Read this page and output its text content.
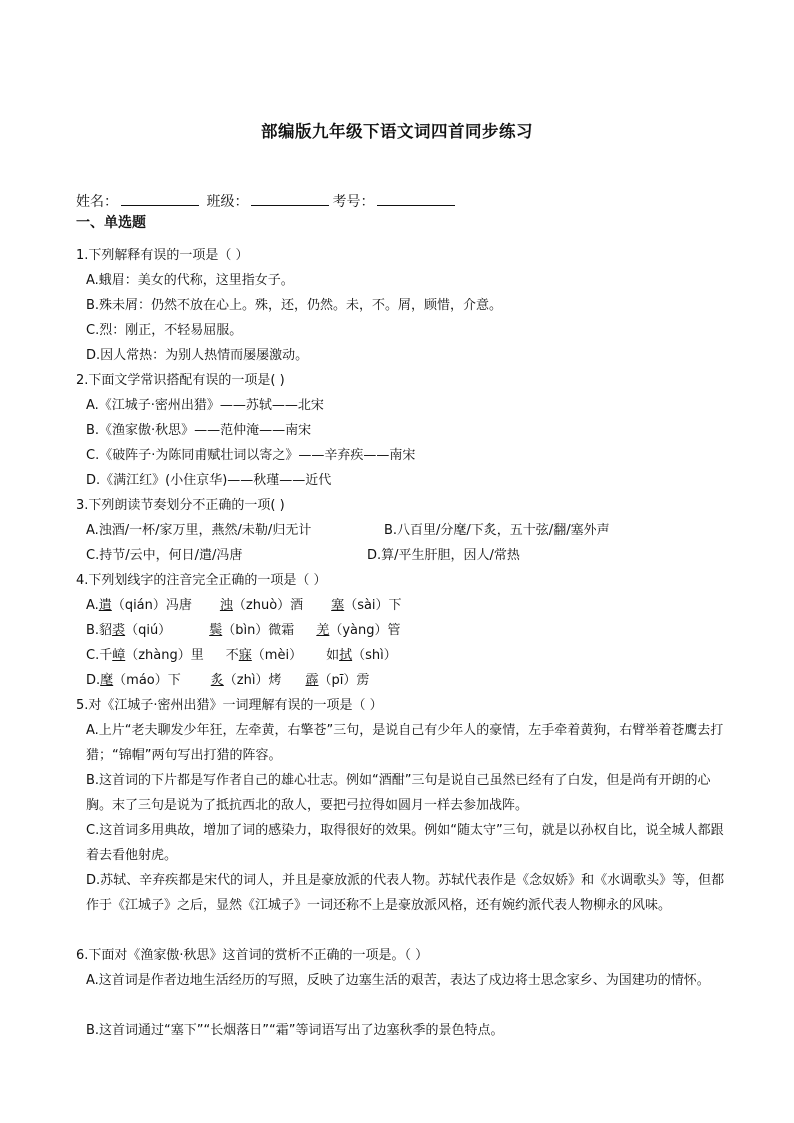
部编版九年级下语文词四首同步练习
姓名：	班级：	考号：
一、单选题
1.下列解释有误的一项是（ ）
A.蛾眉：美女的代称，这里指女子。
B.殊未屑：仍然不放在心上。殊，还，仍然。未，不。屑，顾惜，介意。
C.烈：刚正，不轻易屈服。
D.因人常热：为别人热情而屡屡激动。
2.下面文学常识搭配有误的一项是( )
A.《江城子·密州出猎》——苏轼——北宋
B.《渔家傲·秋思》——范仲淹——南宋
C.《破阵子·为陈同甫赋壮词以寄之》——辛弃疾——南宋
D.《满江红》(小住京华)——秋瑾——近代
3.下列朗读节奏划分不正确的一项( )
A.浊酒/一杯/家万里，燕然/未勒/归无计	B.八百里/分麾/下炙，五十弦/翻/塞外声
C.持节/云中，何日/遣/冯唐	D.算/平生肝胆，因人/常热
4.下列划线字的注音完全正确的一项是（ ）
A.遣（qián）冯唐 浊（zhuò）酒 塞（sài）下
B.貂裘（qiú）	鬓（bìn）微霜 羌（yàng）管
C.千嶂（zhàng）里 不寐（mèi） 如拭（shì）
D.麾（máo）下 炙（zhì）烤 霹（pī）雳
5.对《江城子·密州出猎》一词理解有误的一项是（ ）
A.上片“老夫聊发少年狂，左牵黄，右擎苍”三句，是说自己有少年人的豪情，左手牵着黄狗，右臂举着苍鹰去打猎；“锦帽”两句写出打猎的阵容。
B.这首词的下片都是写作者自己的雄心壮志。例如“酒酣”三句是说自己虽然已经有了白发，但是尚有开朗的心胸。末了三句是说为了抵抗西北的敌人，要把弓拉得如圆月一样去参加战阵。
C.这首词多用典故，增加了词的感染力，取得很好的效果。例如“随太守”三句，就是以孙权自比，说全城人都跟着去看他射虎。
D.苏轼、辛弃疾都是宋代的词人，并且是豪放派的代表人物。苏轼代表作是《念奴娇》和《水调歌头》等，但都作于《江城子》之后，显然《江城子》一词还称不上是豪放派风格，还有婉约派代表人物柳永的风味。
6.下面对《渔家傲·秋思》这首词的赏析不正确的一项是。（ ）
A.这首词是作者边地生活经历的写照，反映了边塞生活的艰苦，表达了戍边将士思念家乡、为国建功的情怀。
B.这首词通过“塞下”“长烟落日”“霜”等词语写出了边塞秋季的景色特点。
